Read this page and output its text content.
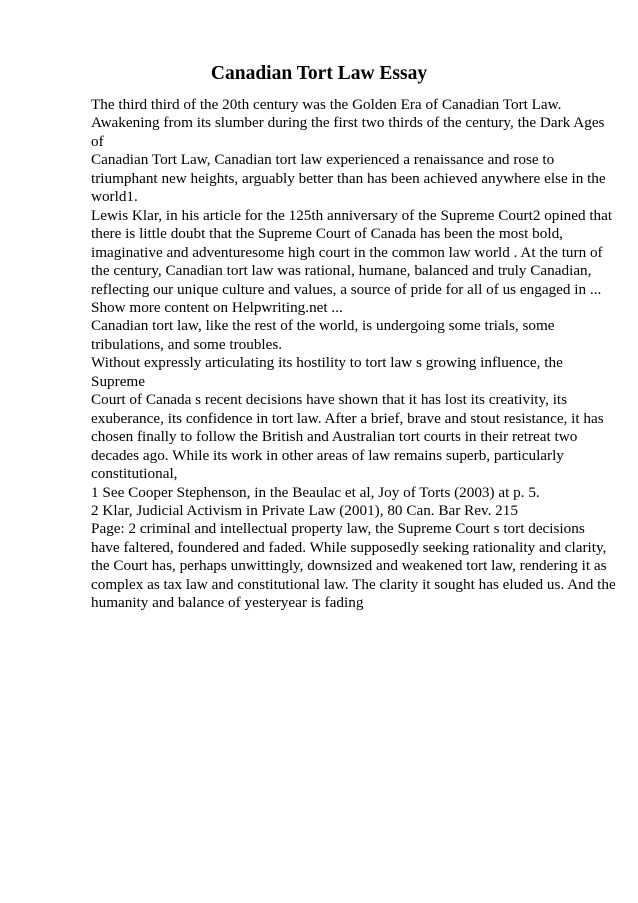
Canadian Tort Law Essay
The third third of the 20th century was the Golden Era of Canadian Tort Law.
Awakening from its slumber during the first two thirds of the century, the Dark Ages
of
Canadian Tort Law, Canadian tort law experienced a renaissance and rose to
triumphant new heights, arguably better than has been achieved anywhere else in the
world1.
Lewis Klar, in his article for the 125th anniversary of the Supreme Court2 opined that
there is little doubt that the Supreme Court of Canada has been the most bold,
imaginative and adventuresome high court in the common law world . At the turn of
the century, Canadian tort law was rational, humane, balanced and truly Canadian,
reflecting our unique culture and values, a source of pride for all of us engaged in ...
Show more content on Helpwriting.net ...
Canadian tort law, like the rest of the world, is undergoing some trials, some
tribulations, and some troubles.
Without expressly articulating its hostility to tort law s growing influence, the
Supreme
Court of Canada s recent decisions have shown that it has lost its creativity, its
exuberance, its confidence in tort law. After a brief, brave and stout resistance, it has
chosen finally to follow the British and Australian tort courts in their retreat two
decades ago. While its work in other areas of law remains superb, particularly
constitutional,
1 See Cooper Stephenson, in the Beaulac et al, Joy of Torts (2003) at p. 5.
2 Klar, Judicial Activism in Private Law (2001), 80 Can. Bar Rev. 215
Page: 2 criminal and intellectual property law, the Supreme Court s tort decisions
have faltered, foundered and faded. While supposedly seeking rationality and clarity,
the Court has, perhaps unwittingly, downsized and weakened tort law, rendering it as
complex as tax law and constitutional law. The clarity it sought has eluded us. And the
humanity and balance of yesteryear is fading
